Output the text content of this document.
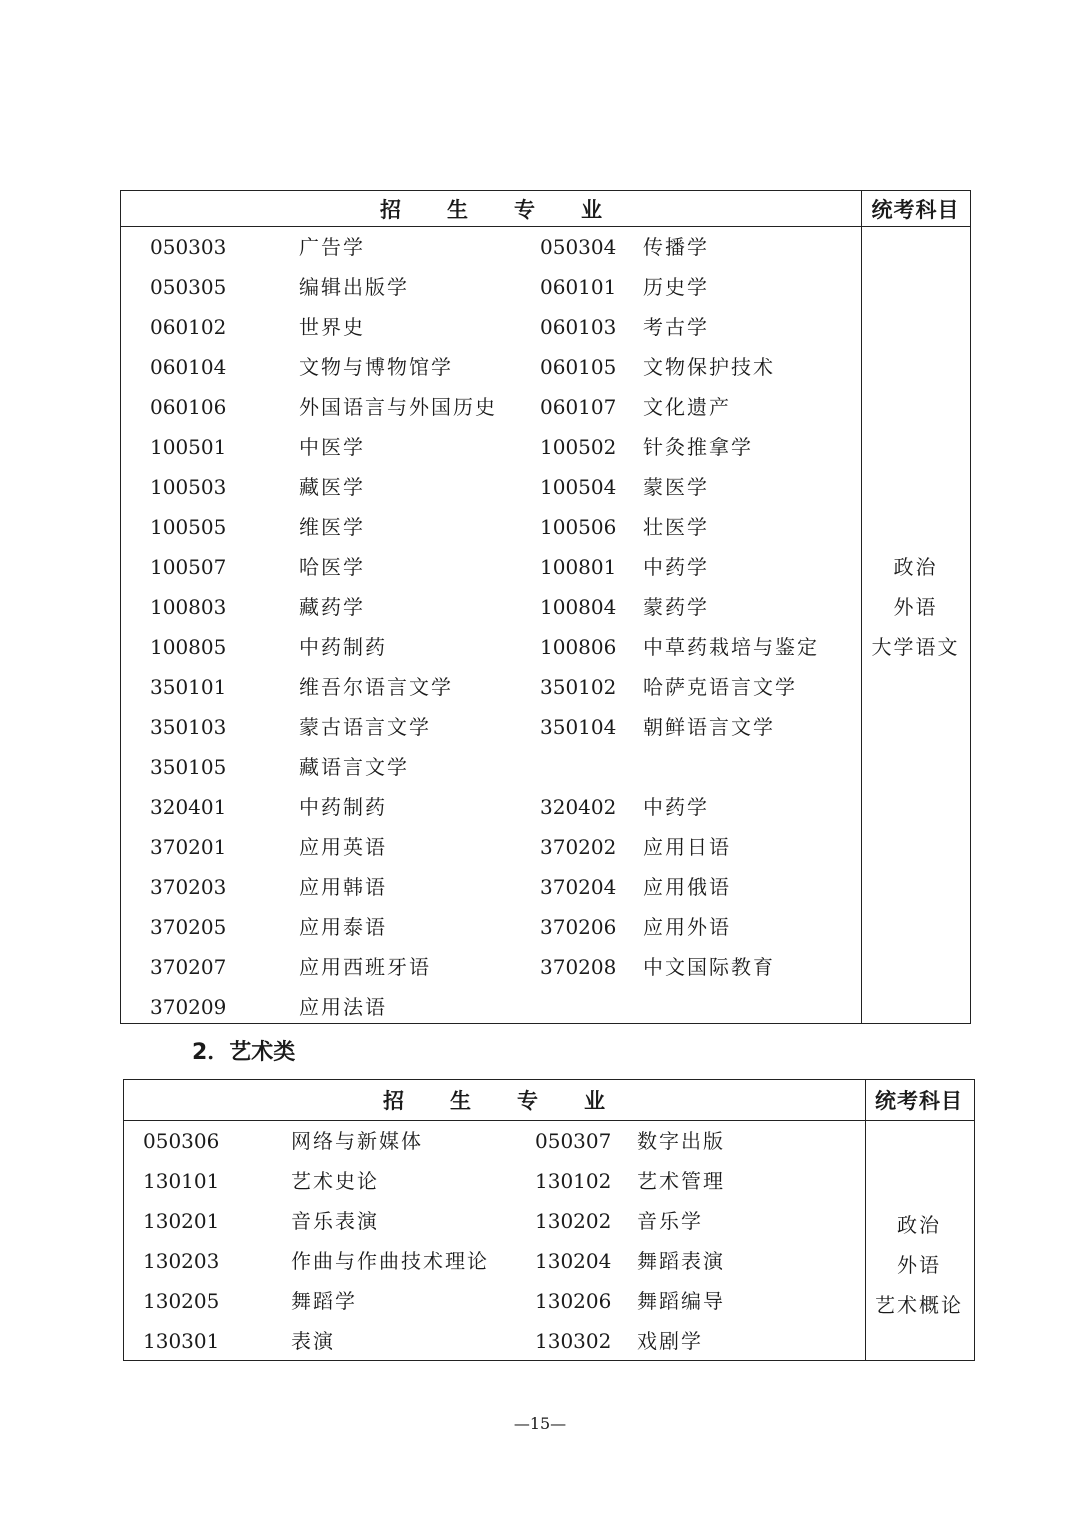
招生专业	统考科目
050303	广告学	050304 传播学
050305	编辑出版学	060101 历史学
060102	世界史	060103 考古学
060104	文物与博物馆学	060105 文物保护技术
060106	外国语言与外国历史 060107 文化遗产
100501	中医学	100502 针灸推拿学
100503	藏医学	100504 蒙医学
100505	维医学	100506 壮医学
100507	哈医学	100801 中药学
100803	藏药学	100804 蒙药学
100805	中药制药	100806 中草药栽培与鉴定
350101	维吾尔语言文学	350102 哈萨克语言文学
350103	蒙古语言文学	350104 朝鲜语言文学
350105	藏语言文学
320401	中药制药	320402 中药学
370201	应用英语	370202 应用日语
370203	应用韩语	370204 应用俄语
370205	应用泰语	370206 应用外语
370207	应用西班牙语	370208 中文国际教育
370209	应用法语
政治
外语
大学语文
2．艺术类
招生专业	统考科目
050306	网络与新媒体	050307 数字出版
130101	艺术史论	130102 艺术管理
130201	音乐表演	130202 音乐学
130203	作曲与作曲技术理论 130204 舞蹈表演
130205	舞蹈学	130206 舞蹈编导
130301	表演	130302 戏剧学
政治
外语
艺术概论
—15—
